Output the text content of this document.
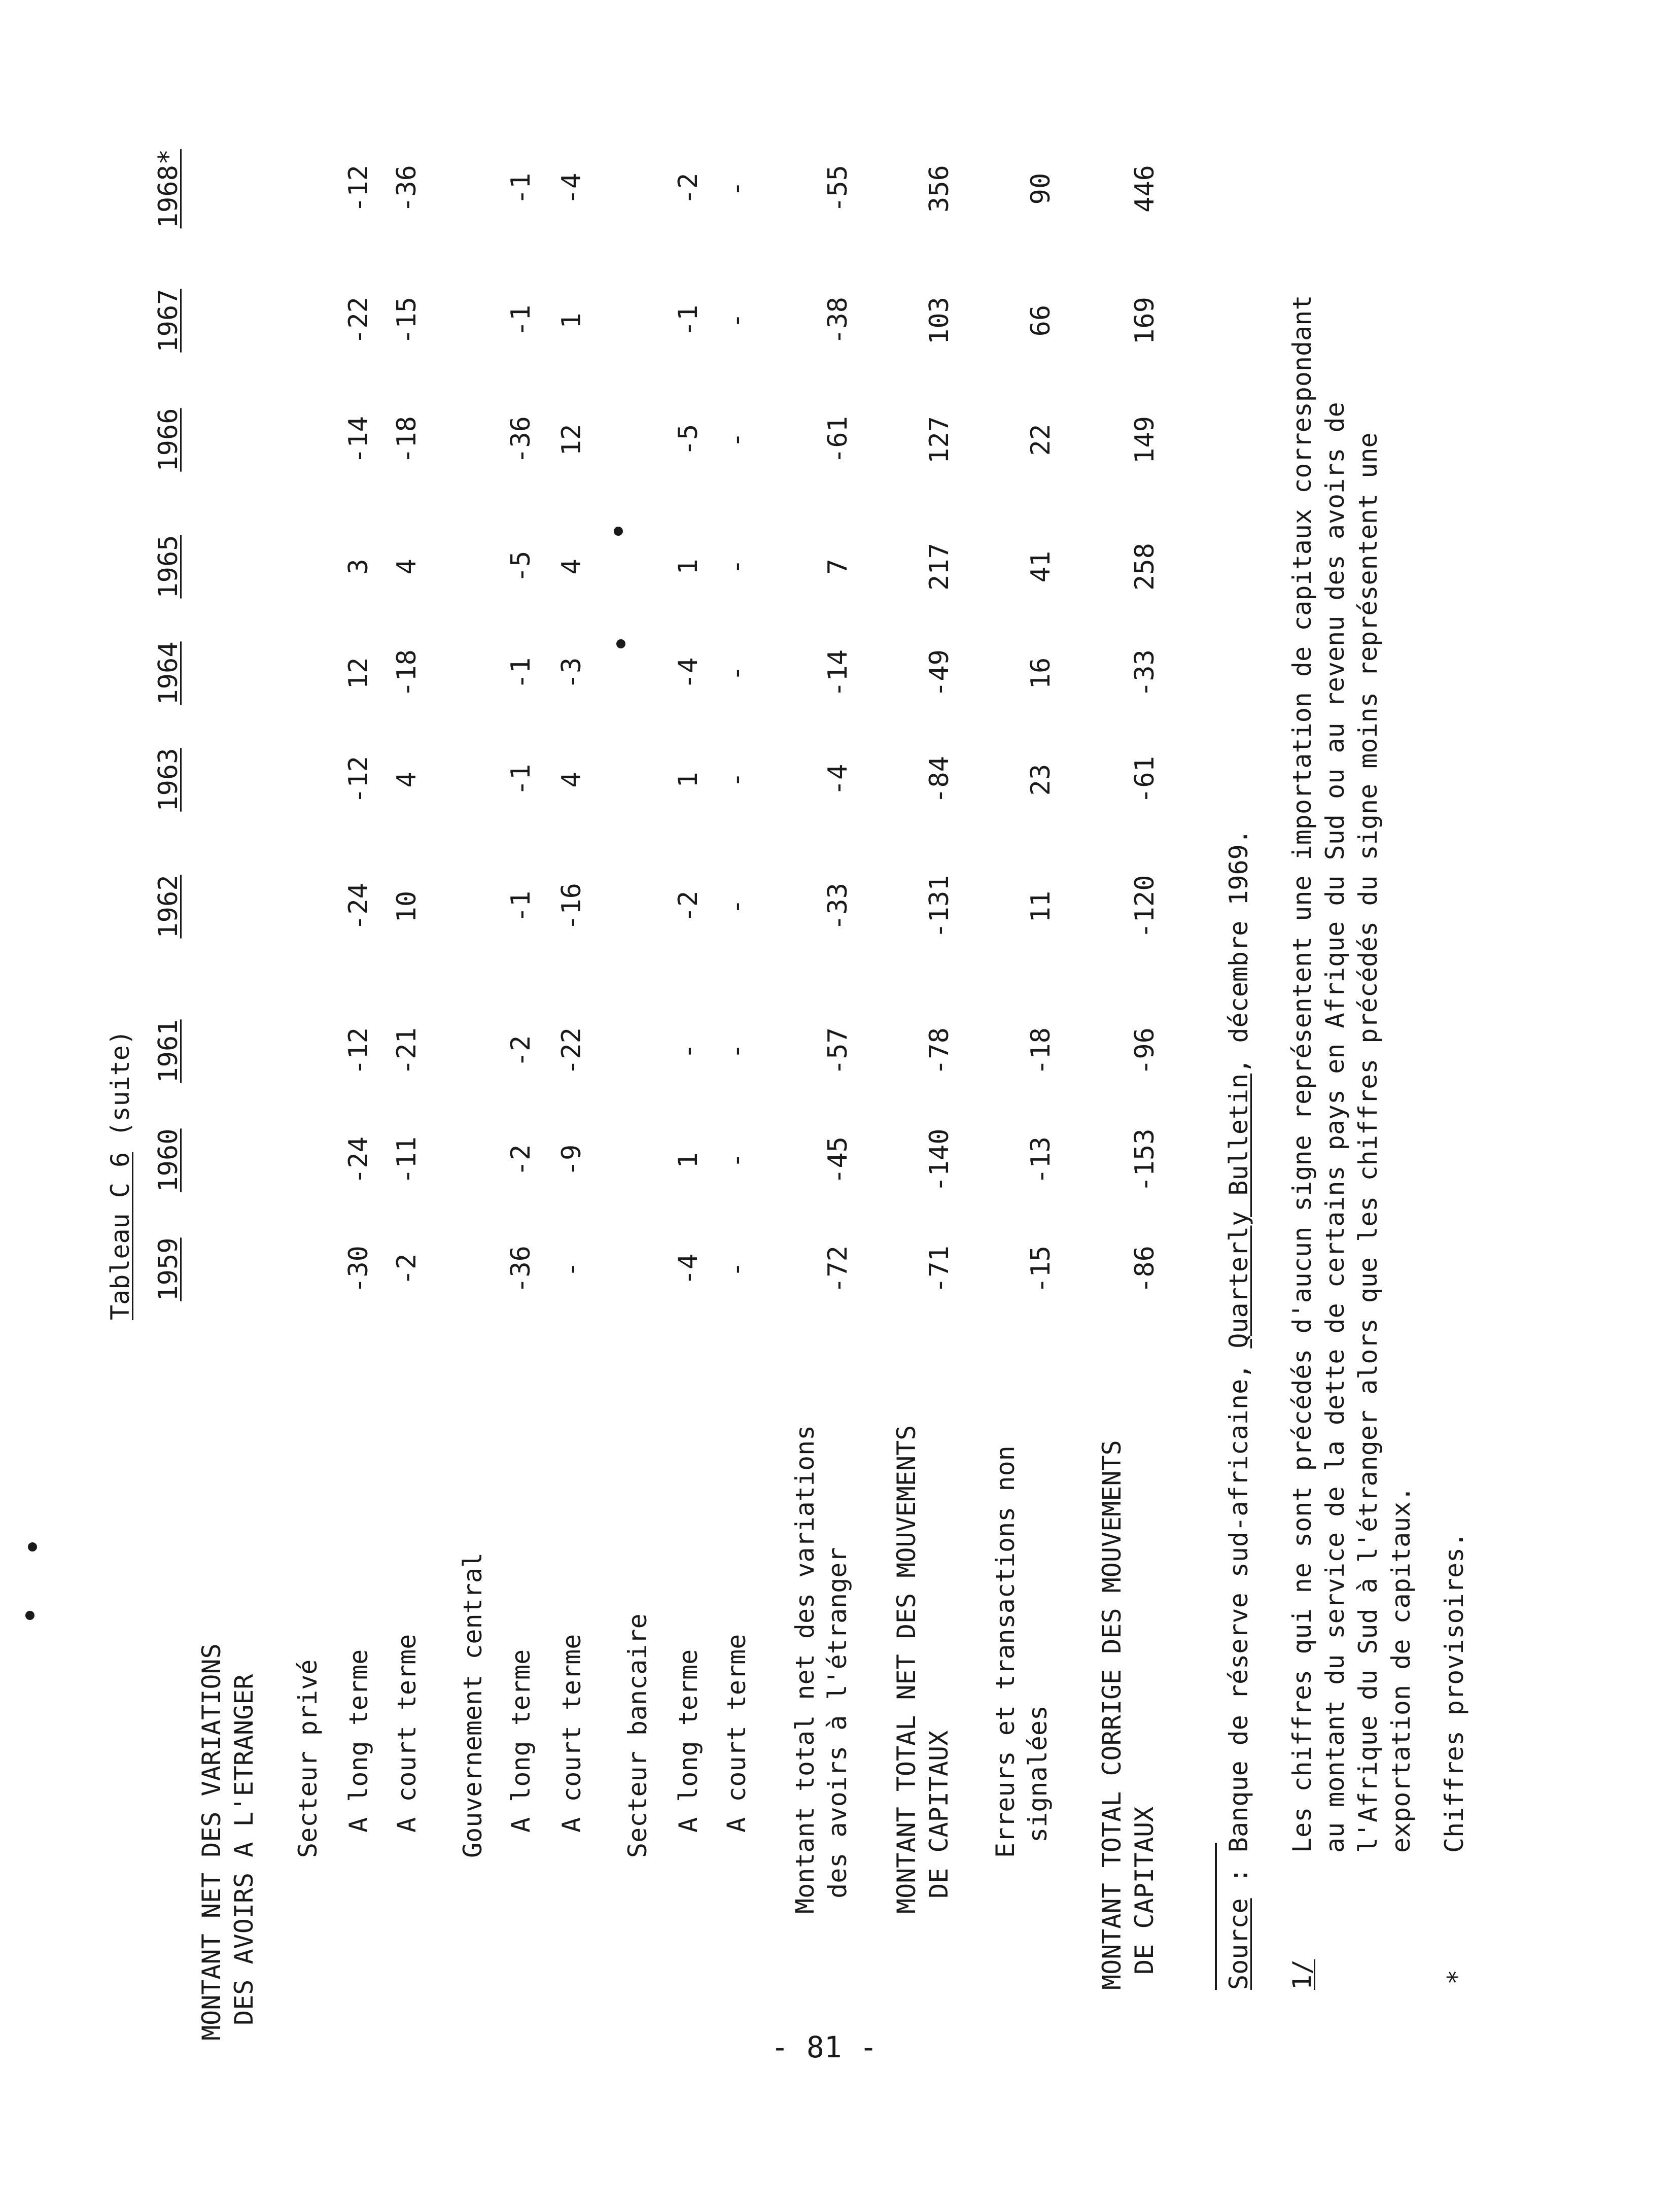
Tableau C 6 (suite)
1959
1960
1961
1962
1963
1964
1965
1966
1967
1968*
MONTANT NET DES VARIATIONS
DES AVOIRS A L'ETRANGER Secteur privé A long terme A court terme Gouvernement central A long terme A court terme Secteur bancaire A long terme A court terme
Montant total net des variations
des avoirs à l'étranger
MONTANT TOTAL NET DES MOUVEMENTS
DE CAPITAUX Erreurs et transactions non
signalées
MONTANT TOTAL CORRIGE DES MOUVEMENTS
DE CAPITAUX
-30
-24
-12
-24
-12
12
3
-14
-22
-12
-2
-11
-21
10
4
-18
4
-18
-15
-36
-36
-2
-2
-1
-1
-1
-5
-36
-1
-1
-
-9
-22
-16
4
-3
4
12
1
-4
-4
1
-
-2
1
-4
1
-5
-1
-2
-
-
-
-
-
-
-
-
-
-
-72
-45
-57
-33
-4
-14
7
-61
-38
-55
-71
-140
-78
-131
-84
-49
217
127
103
356
-15
-13
-18
11
23
16
41
22
66
90
-86
-153
-96
-120
-61
-33
258
149
169
446
Source : Banque de réserve sud-africaine, Quarterly Bulletin, décembre 1969.
1/
Les chiffres qui ne sont précédés d'aucun signe représentent une importation de capitaux correspondant au montant du service de la dette de certains pays en Afrique du Sud ou au revenu des avoirs de l'Afrique du Sud à l'étranger alors que les chiffres précédés du signe moins représentent une exportation de capitaux.
*
Chiffres provisoires.
- 81 -
